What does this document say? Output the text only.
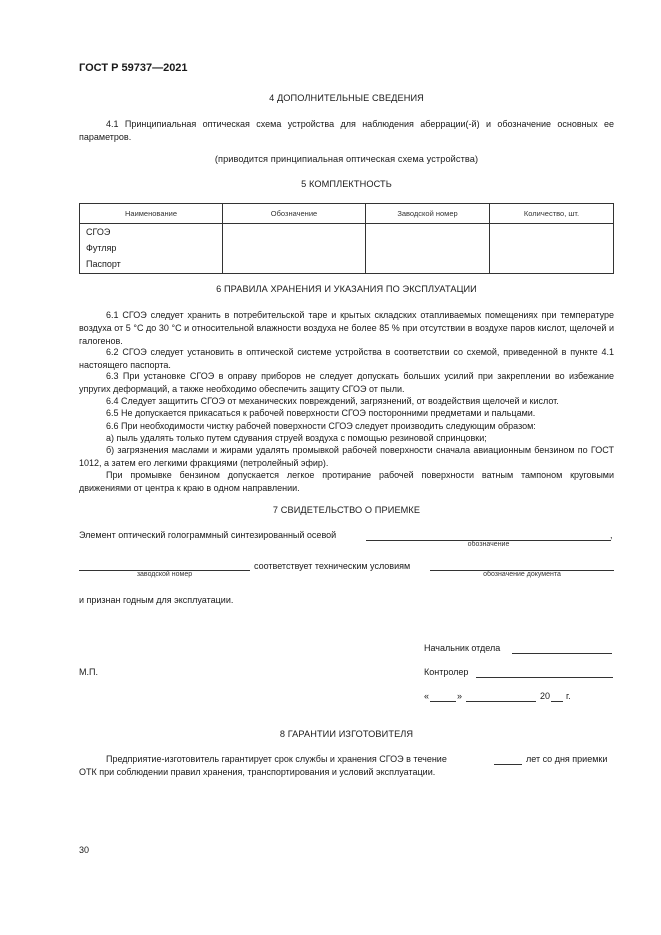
ГОСТ Р 59737—2021
4 ДОПОЛНИТЕЛЬНЫЕ СВЕДЕНИЯ
4.1 Принципиальная оптическая схема устройства для наблюдения аберрации(-й) и обозначение основных ее параметров.
(приводится принципиальная оптическая схема устройства)
5 КОМПЛЕКТНОСТЬ
Наименование	Обозначение	Заводской номер	Количество, шт.

СГОЭ
Футляр
Паспорт			

6 ПРАВИЛА ХРАНЕНИЯ И УКАЗАНИЯ ПО ЭКСПЛУАТАЦИИ
6.1 СГОЭ следует хранить в потребительской таре и крытых складских отапливаемых помещениях при температуре воздуха от 5 °С до 30 °С и относительной влажности воздуха не более 85 % при отсутствии в воздухе паров кислот, щелочей и галогенов.
6.2 СГОЭ следует установить в оптической системе устройства в соответствии со схемой, приведенной в пункте 4.1 настоящего паспорта.
6.3 При установке СГОЭ в оправу приборов не следует допускать больших усилий при закреплении во избежание упругих деформаций, а также необходимо обеспечить защиту СГОЭ от пыли.
6.4 Следует защитить СГОЭ от механических повреждений, загрязнений, от воздействия щелочей и кислот.
6.5 Не допускается прикасаться к рабочей поверхности СГОЭ посторонними предметами и пальцами.
6.6 При необходимости чистку рабочей поверхности СГОЭ следует производить следующим образом:
а) пыль удалять только путем сдувания струей воздуха с помощью резиновой спринцовки;
б) загрязнения маслами и жирами удалять промывкой рабочей поверхности сначала авиационным бензином по ГОСТ 1012, а затем его легкими фракциями (петролейный эфир).
При промывке бензином допускается легкое протирание рабочей поверхности ватным тампоном круговыми движениями от центра к краю в одном направлении.
7 СВИДЕТЕЛЬСТВО О ПРИЕМКЕ
Элемент оптический голограммный синтезированный осевой	,
обозначение
соответствует техническим условиям
заводской номер	обозначение документа
и признан годным для эксплуатации.
Начальник отдела
М.П.	Контролер
«	»	20 г.
8 ГАРАНТИИ ИЗГОТОВИТЕЛЯ
Предприятие-изготовитель гарантирует срок службы и хранения СГОЭ в течение	лет со дня приемки
ОТК при соблюдении правил хранения, транспортирования и условий эксплуатации.
30
